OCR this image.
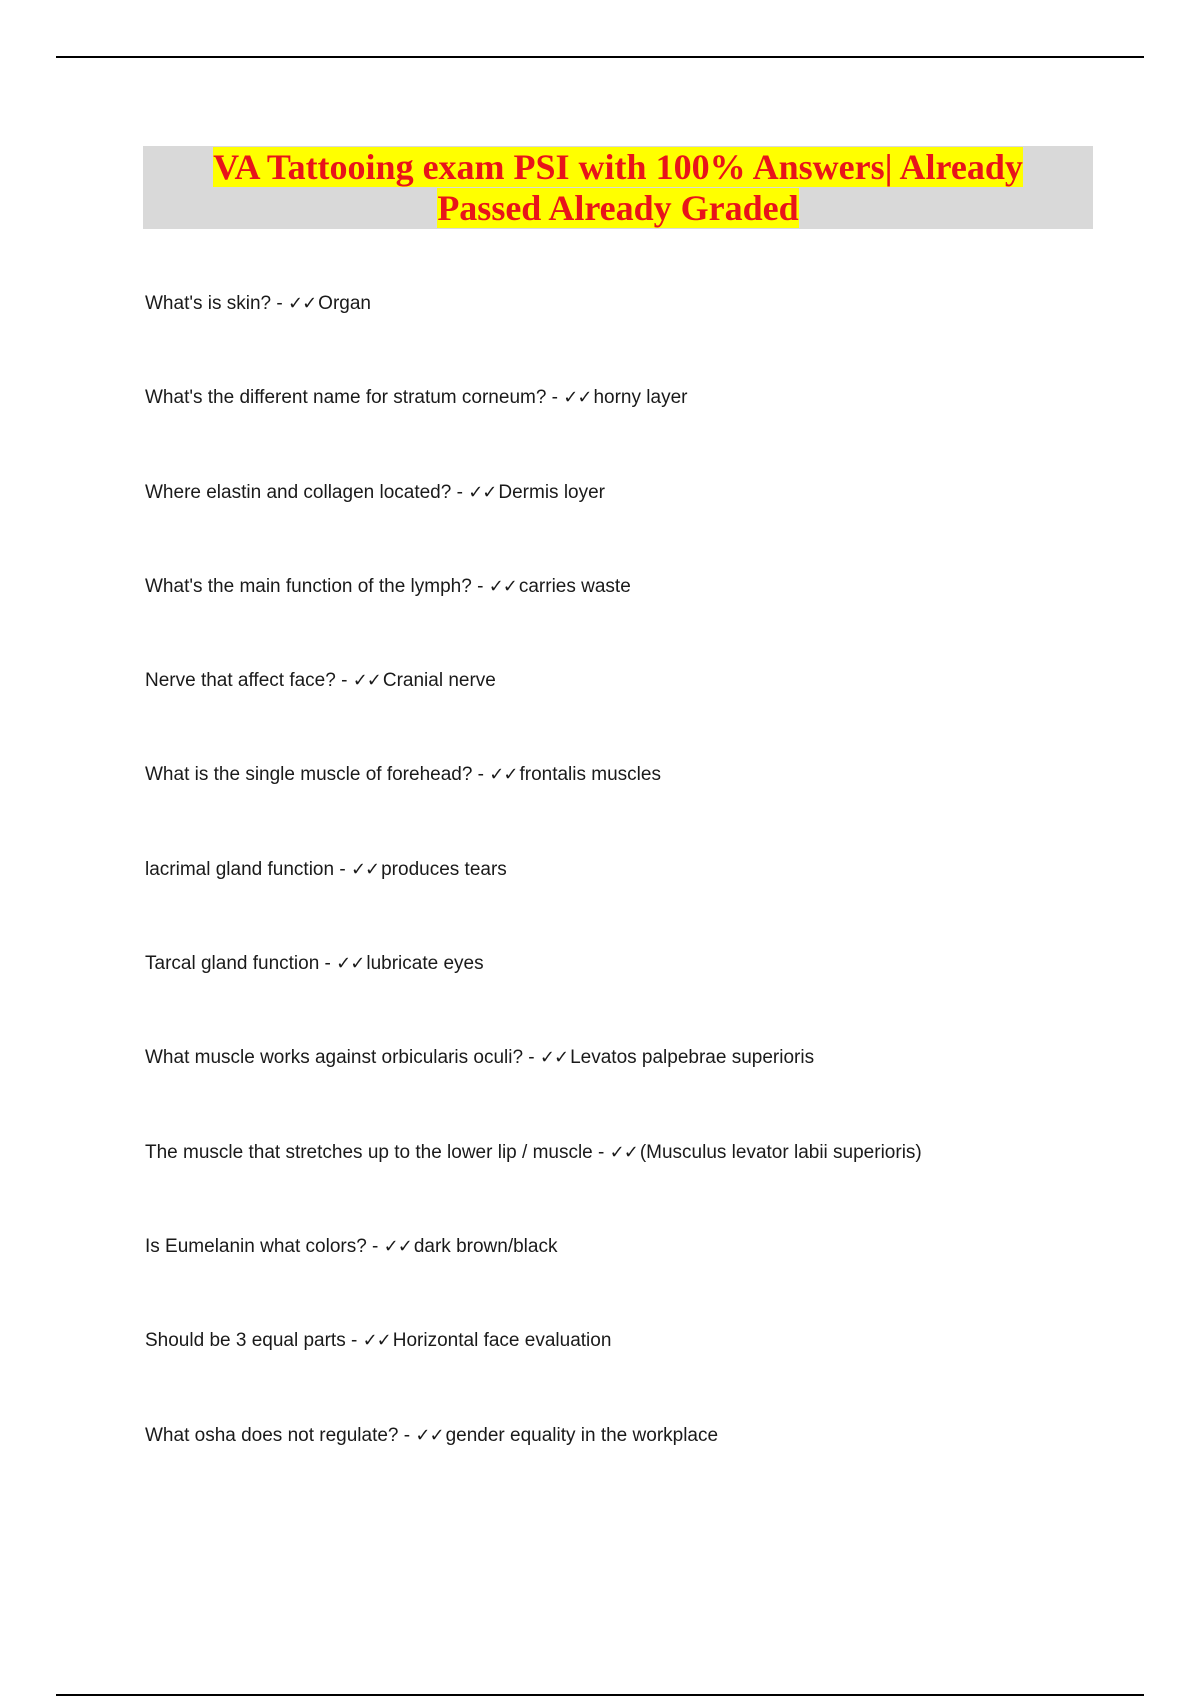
VA Tattooing exam PSI with 100% Answers| Already
Passed Already Graded
What's is skin? - ✓✓ Organ
What's the different name for stratum corneum? - ✓✓ horny layer
Where elastin and collagen located? - ✓✓ Dermis loyer
What's the main function of the lymph? - ✓✓ carries waste
Nerve that affect face? - ✓✓ Cranial nerve
What is the single muscle of forehead? - ✓✓ frontalis muscles
lacrimal gland function - ✓✓ produces tears
Tarcal gland function - ✓✓ lubricate eyes
What muscle works against orbicularis oculi? - ✓✓ Levatos palpebrae superioris
The muscle that stretches up to the lower lip / muscle - ✓✓ (Musculus levator labii superioris)
Is Eumelanin what colors? - ✓✓ dark brown/black
Should be 3 equal parts - ✓✓ Horizontal face evaluation
What osha does not regulate? - ✓✓ gender equality in the workplace
